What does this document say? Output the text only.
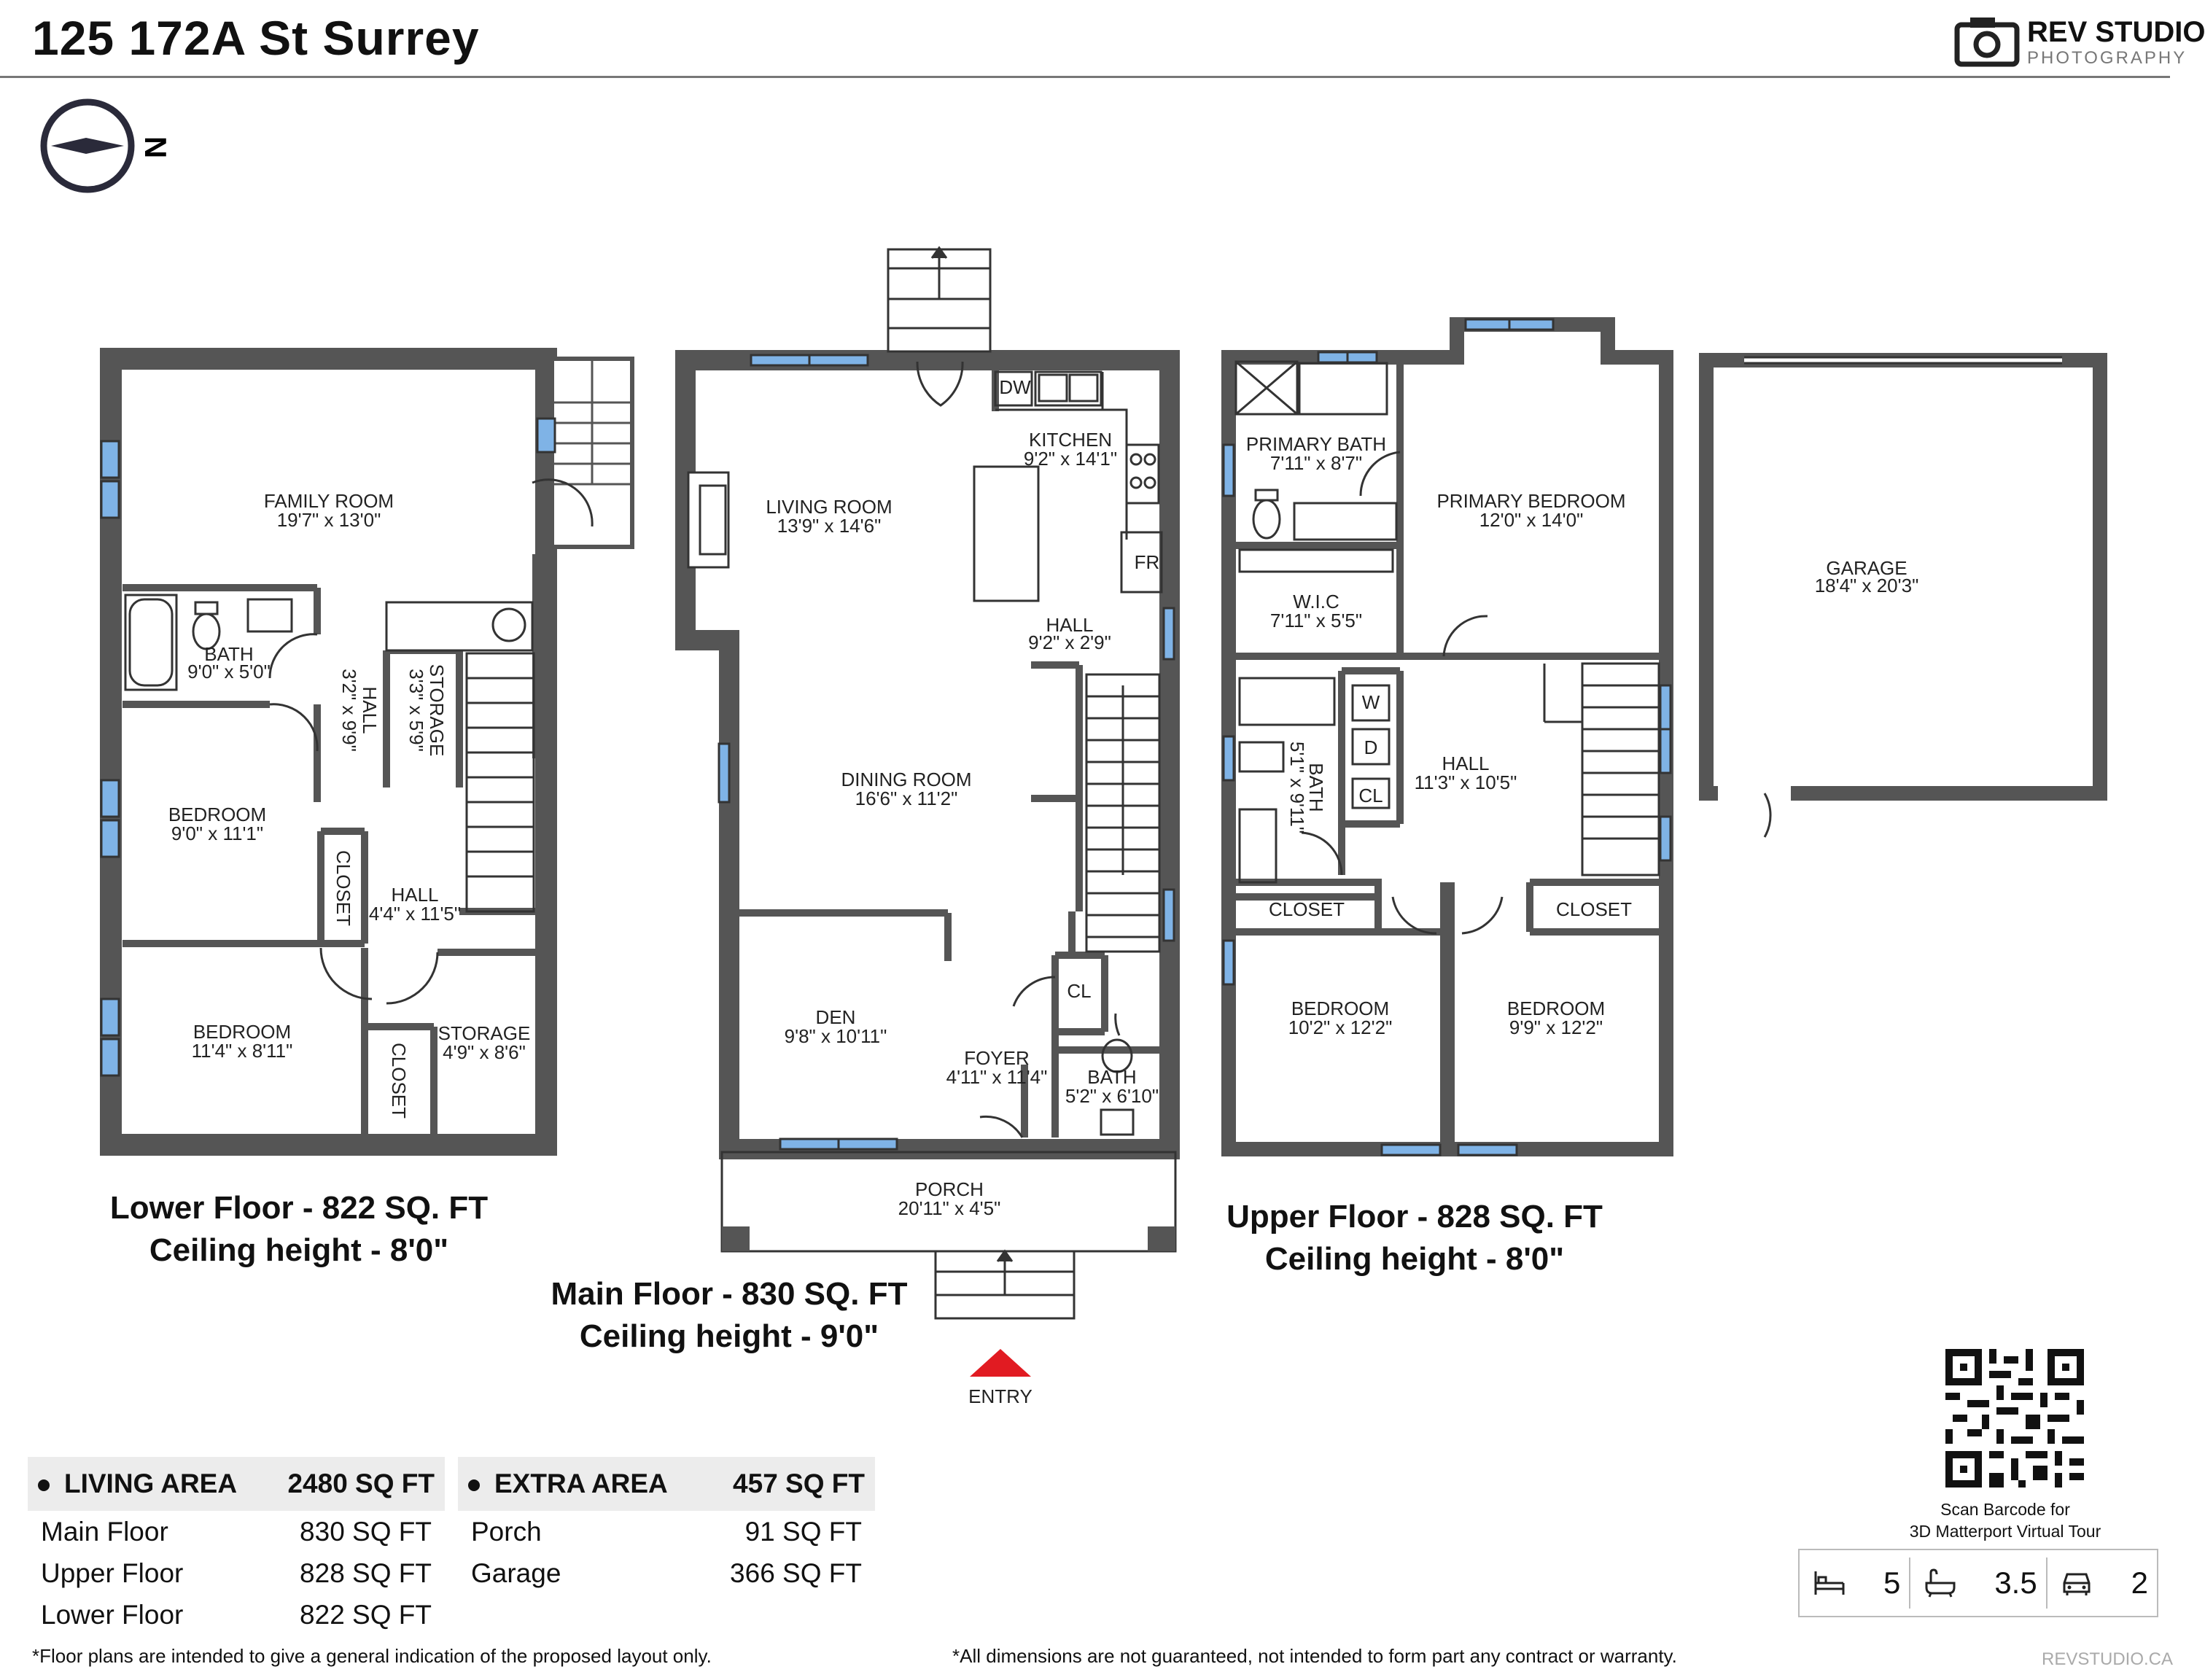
125 172A St Surrey	REV STUDIO
PHOTOGRAPHY
N
FAMILY ROOM
19'7" x 13'0"
BATH
9'0" x 5'0"
HALL
3'2" x 9'9"	STORAGE
3'3" x 5'9"
BEDROOM
9'0" x 11'1"
CLOSET HALL
4'4" x 11'5"
BEDROOM
11'4" x 8'11"	CLOSET
STORAGE
4'9" x 8'6"
DW
KITCHEN
9'2" x 14'1"
FR
LIVING ROOM
13'9" x 14'6"
HALL
9'2" x 2'9"
DINING ROOM
16'6" x 11'2"
DEN
9'8" x 10'11"
CL
FOYER
4'11" x 11'4" BATH
5'2" x 6'10"
PORCH
20'11" x 4'5"
ENTRY
PRIMARY BATH
7'11" x 8'7"
PRIMARY BEDROOM
12'0" x 14'0"
W.I.C
7'11" x 5'5"
W
D
CL
BATH
5'1" x 9'11"	HALL
11'3" x 10'5"
CLOSET	CLOSET
BEDROOM
10'2" x 12'2"
BEDROOM
9'9" x 12'2"
GARAGE
18'4" x 20'3"
Lower Floor - 822 SQ. FT
Ceiling height - 8'0"
Main Floor - 830 SQ. FT
Ceiling height - 9'0"
Upper Floor - 828 SQ. FT
Ceiling height - 8'0"
LIVING AREA	2480 SQ FT
Main Floor	830 SQ FT
Upper Floor	828 SQ FT
Lower Floor	822 SQ FT
EXTRA AREA	457 SQ FT
Porch	91 SQ FT
Garage	366 SQ FT
Scan Barcode for
3D Matterport Virtual Tour
5	3.5	2
*Floor plans are intended to give a general indication of the proposed layout only.	*All dimensions are not guaranteed, not intended to form part any contract or warranty.	REVSTUDIO.CA
